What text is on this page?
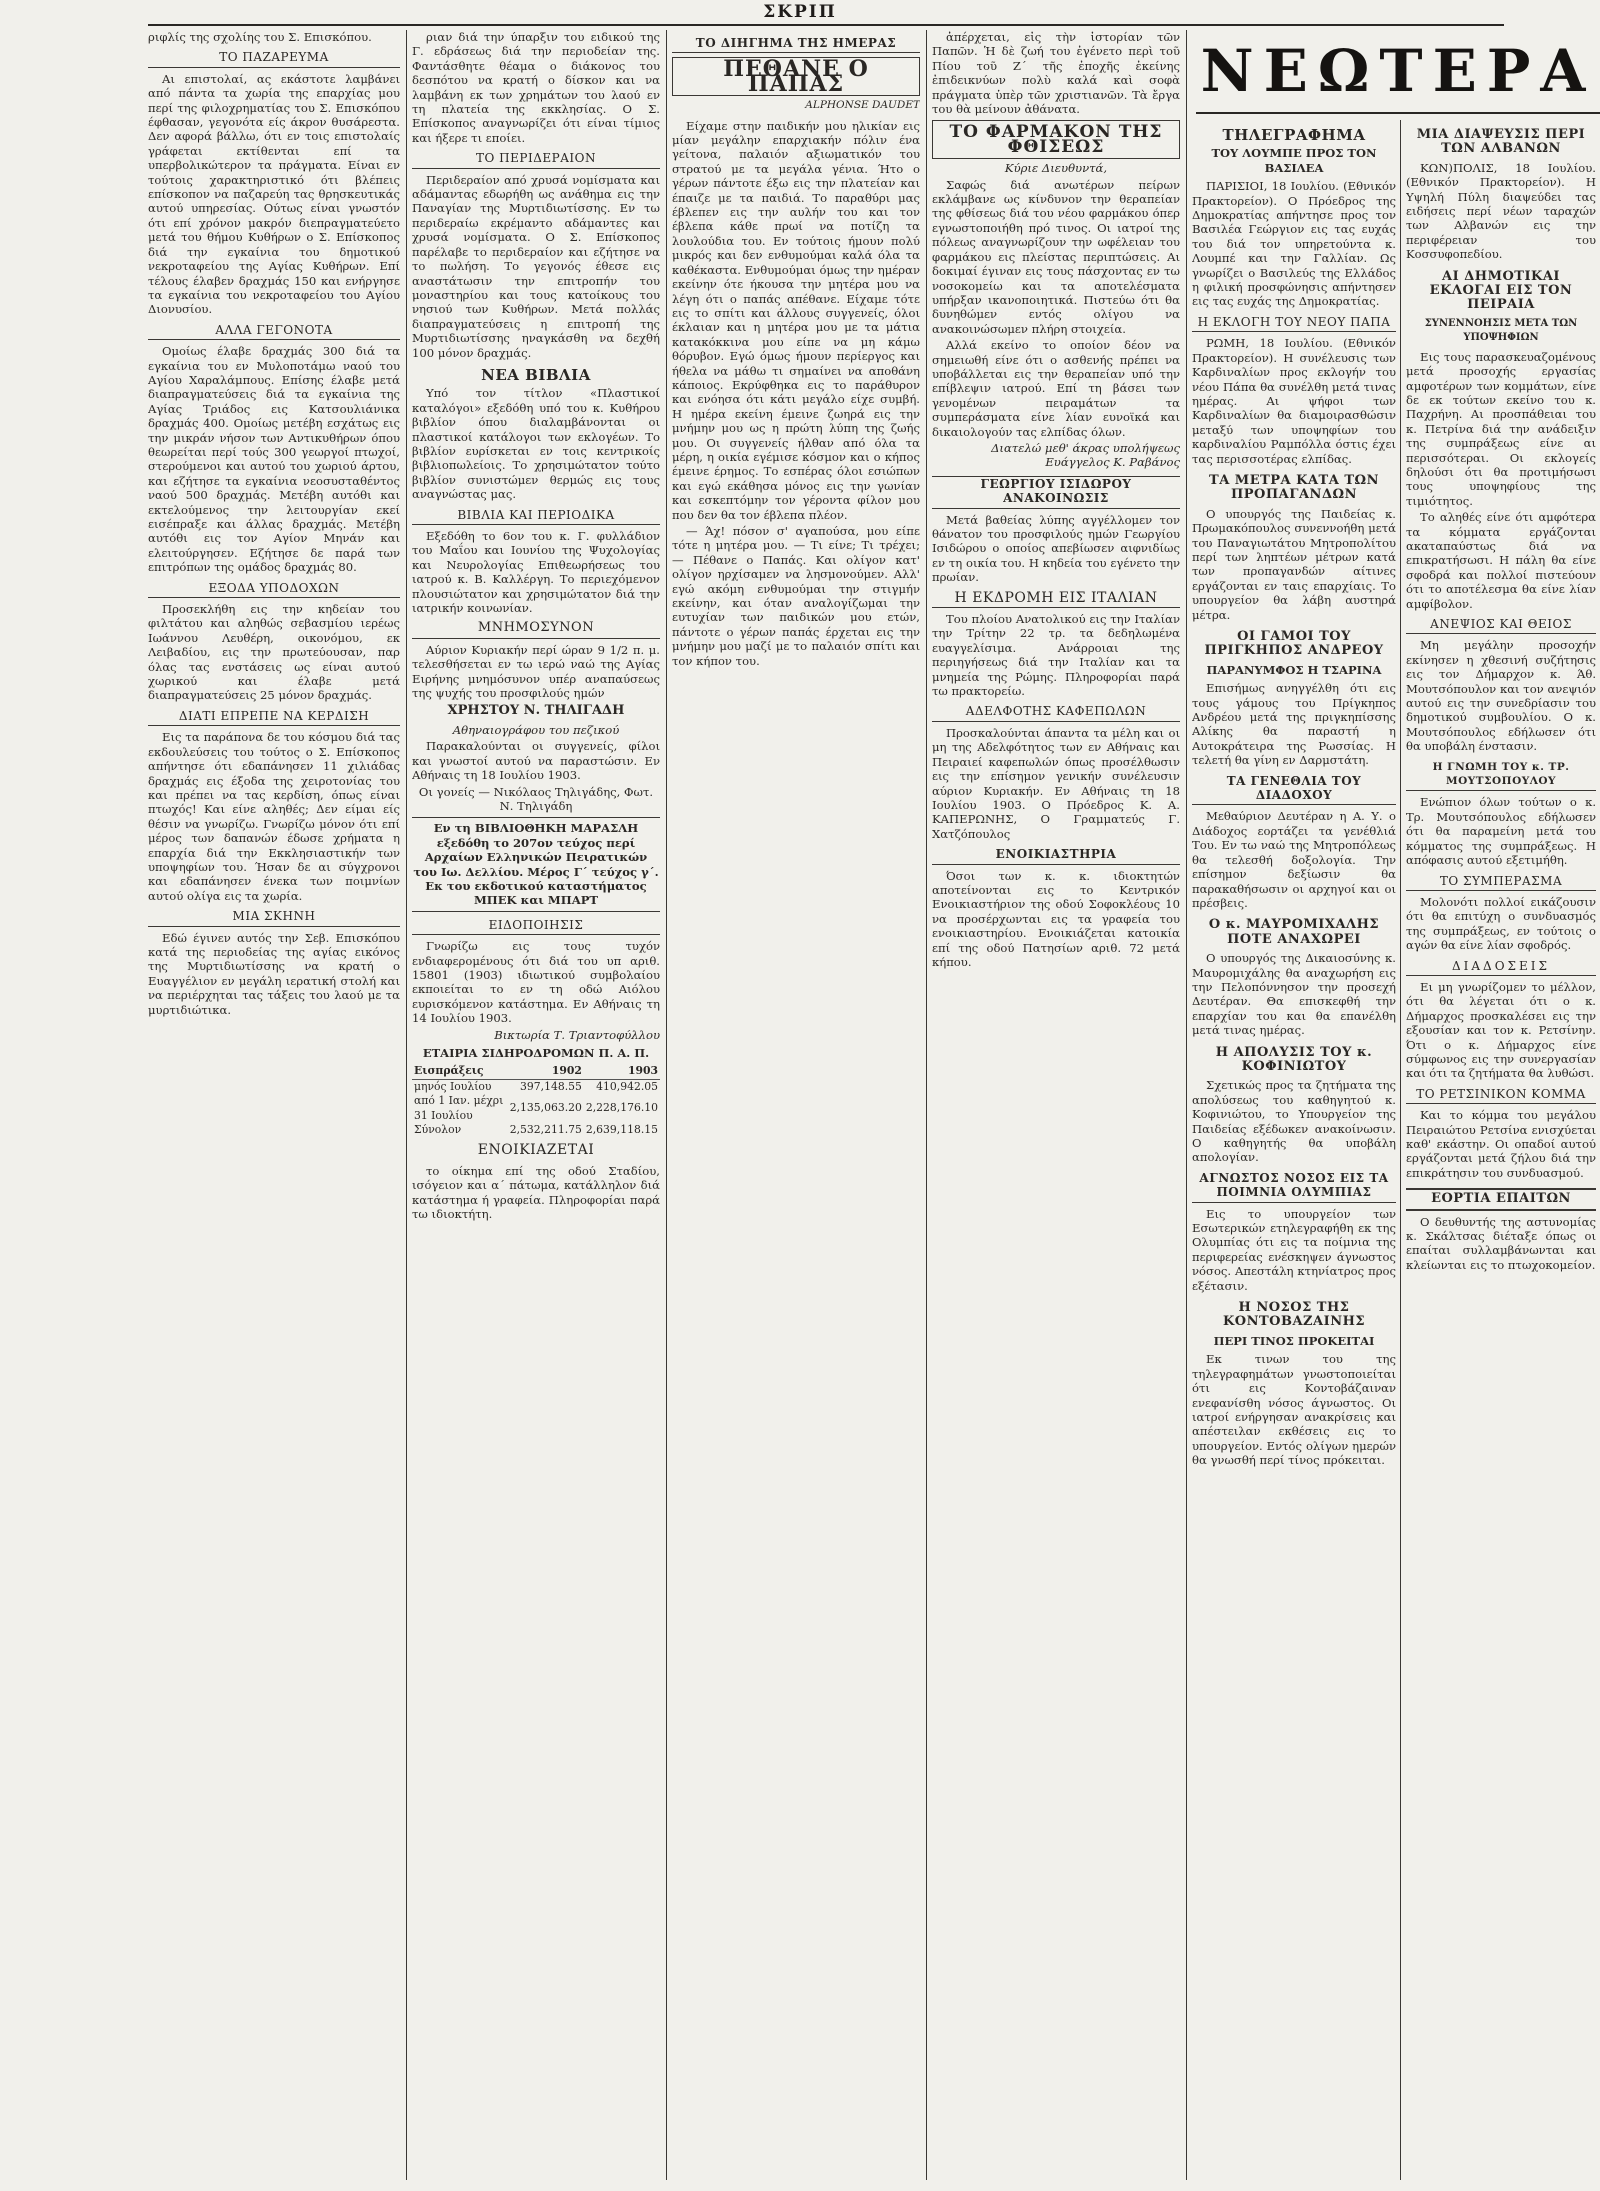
ΣΚΡΙΠ

ριφλίς της σχολίης του Σ. Επισκόπου.

ΤΟ ΠΑΖΑΡΕΥΜΑ

Αι επιστολαί, ας εκάστοτε λαμβάνει από πάντα τα χωρία της επαρχίας μου περί της φιλοχρηματίας του Σ. Επισκόπου έφθασαν, γεγονότα είς άκρον θυσάρεστα. Δεν αφορά βάλλω, ότι εν τοις επιστολαίς γράφεται εκτίθενται επί τα υπερβολικώτερον τα πράγματα. Είναι εν τούτοις χαρακτηριστικό ότι βλέπεις επίσκοπον να παζαρεύη τας θρησκευτικάς αυτού υπηρεσίας. Ούτως είναι γνωστόν ότι επί χρόνον μακρόν διεπραγματεύετο μετά του θήμου Κυθήρων ο Σ. Επίσκοπος διά την εγκαίνια του δημοτικού νεκροταφείου της Αγίας Κυθήρων. Επί τέλους έλαβεν δραχμάς 150 και ενήργησε τα εγκαίνια του νεκροταφείου του Αγίου Διονυσίου.

ΑΛΛΑ ΓΕΓΟΝΟΤΑ

Ομοίως έλαβε δραχμάς 300 διά τα εγκαίνια του εν Μυλοποτάμω ναού του Αγίου Χαραλάμπους. Επίσης έλαβε μετά διαπραγματεύσεις διά τα εγκαίνια της Αγίας Τριάδος εις Κατσουλιάνικα δραχμάς 400. Ομοίως μετέβη εσχάτως εις την μικράν νήσον των Αντικυθήρων όπου θεωρείται περί τούς 300 γεωργοί πτωχοί, στερούμενοι και αυτού του χωριού άρτου, και εζήτησε τα εγκαίνια νεοσυσταθέντος ναού 500 δραχμάς. Μετέβη αυτόθι και εκτελούμενος την λειτουργίαν εκεί εισέπραξε και άλλας δραχμάς. Μετέβη αυτόθι εις τον Αγίον Μηνάν και ελειτούργησεν. Εζήτησε δε παρά των επιτρόπων της ομάδος δραχμάς 80.

ΕΞΟΔΑ ΥΠΟΔΟΧΩΝ

Προσεκλήθη εις την κηδείαν του φιλτάτου και αληθώς σεβασμίου ιερέως Ιωάννου Λευθέρη, οικονόμου, εκ Λειβαδίου, εις την πρωτεύουσαν, παρ όλας τας ενστάσεις ως είναι αυτού χωρικού και έλαβε μετά διαπραγματεύσεις 25 μόνον δραχμάς.

ΔΙΑΤΙ ΕΠΡΕΠΕ ΝΑ ΚΕΡΔΙΣΗ

Εις τα παράπονα δε του κόσμου διά τας εκδουλεύσεις του τούτος ο Σ. Επίσκοπος απήντησε ότι εδαπάνησεν 11 χιλιάδας δραχμάς εις έξοδα της χειροτονίας του και πρέπει να τας κερδίση, όπως είναι πτωχός! Και είνε αληθές; Δεν είμαι είς θέσιν να γνωρίζω. Γνωρίζω μόνον ότι επί μέρος των δαπανών έδωσε χρήματα η επαρχία διά την Εκκλησιαστικήν των υποψηφίων του. Ήσαν δε αι σύγχρονοι και εδαπάνησεν ένεκα των ποιμνίων αυτού ολίγα εις τα χωρία.

ΜΙΑ ΣΚΗΝΗ

Εδώ έγινεν αυτός την Σεβ. Επισκόπου κατά της περιοδείας της αγίας εικόνος της Μυρτιδιωτίσσης να κρατή ο Ευαγγέλιον εν μεγάλη ιερατική στολή και να περιέρχηται τας τάξεις του λαού με τα μυρτιδιώτικα.

ριαν διά την ύπαρξιν του ειδικού της Γ. εδράσεως διά την περιοδείαν της. Φαντάσθητε θέαμα ο διάκονος του δεσπότου να κρατή ο δίσκον και να λαμβάνη εκ των χρημάτων του λαού εν τη πλατεία της εκκλησίας. Ο Σ. Επίσκοπος αναγνωρίζει ότι είναι τίμιος και ήξερε τι εποίει.

ΤΟ ΠΕΡΙΔΕΡΑΙΟΝ

Περιδεραίον από χρυσά νομίσματα και αδάμαντας εδωρήθη ως ανάθημα εις την Παναγίαν της Μυρτιδιωτίσσης. Εν τω περιδεραίω εκρέμαντο αδάμαντες και χρυσά νομίσματα. Ο Σ. Επίσκοπος παρέλαβε το περιδεραίον και εζήτησε να το πωλήση. Το γεγονός έθεσε εις αναστάτωσιν την επιτροπήν του μοναστηρίου και τους κατοίκους του νησιού των Κυθήρων. Μετά πολλάς διαπραγματεύσεις η επιτροπή της Μυρτιδιωτίσσης ηναγκάσθη να δεχθή 100 μόνον δραχμάς.

ΝΕΑ ΒΙΒΛΙΑ

Υπό τον τίτλον «Πλαστικοί καταλόγοι» εξεδόθη υπό του κ. Κυθήρου βιβλίον όπου διαλαμβάνονται οι πλαστικοί κατάλογοι των εκλογέων. Το βιβλίον ευρίσκεται εν τοις κεντρικοίς βιβλιοπωλείοις. Το χρησιμώτατον τούτο βιβλίον συνιστώμεν θερμώς εις τους αναγνώστας μας.

ΒΙΒΛΙΑ ΚΑΙ ΠΕΡΙΟΔΙΚΑ

Εξεδόθη το 6ον του κ. Γ. φυλλάδιον του Μαΐου και Ιουνίου της Ψυχολογίας και Νευρολογίας Επιθεωρήσεως του ιατρού κ. Β. Καλλέργη. Το περιεχόμενον πλουσιώτατον και χρησιμώτατον διά την ιατρικήν κοινωνίαν.

ΜΝΗΜΟΣΥΝΟΝ

Αύριον Κυριακήν περί ώραν 9 1/2 π. μ. τελεσθήσεται εν τω ιερώ ναώ της Αγίας Ειρήνης μνημόσυνον υπέρ αναπαύσεως της ψυχής του προσφιλούς ημών

ΧΡΗΣΤΟΥ Ν. ΤΗΛΙΓΑΔΗ

Αθηναιογράφου του πεζικού

Παρακαλούνται οι συγγενείς, φίλοι και γνωστοί αυτού να παραστώσιν. Εν Αθήναις τη 18 Ιουλίου 1903.

Οι γονείς — Νικόλαος Τηλιγάδης, Φωτ. Ν. Τηλιγάδη

Εν τη ΒΙΒΛΙΟΘΗΚΗ ΜΑΡΑΣΛΗ εξεδόθη το 207ον τεύχος περί Αρχαίων Ελληνικών Πειρατικών του Ιω. Δελλίου. Μέρος Γ΄ τεύχος γ΄. Εκ του εκδοτικού καταστήματος ΜΠΕΚ και ΜΠΑΡΤ

ΕΙΔΟΠΟΙΗΣΙΣ

Γνωρίζω εις τους τυχόν ενδιαφερομένους ότι διά του υπ αριθ. 15801 (1903) ιδιωτικού συμβολαίου εκποιείται το εν τη οδώ Αιόλου ευρισκόμενον κατάστημα. Εν Αθήναις τη 14 Ιουλίου 1903.

Βικτωρία Τ. Τριαντοφύλλου

ΕΤΑΙΡΙΑ ΣΙΔΗΡΟΔΡΟΜΩΝ Π. Α. Π.
Εισπράξεις	1902	1903
μηνός Ιουλίου	397,148.55	410,942.05
από 1 Ιαν. μέχρι 31 Ιουλίου	2,135,063.20	2,228,176.10
Σύνολον	2,532,211.75	2,639,118.15
ΕΝΟΙΚΙΑΖΕΤΑΙ

το οίκημα επί της οδού Σταδίου, ισόγειον και α΄ πάτωμα, κατάλληλον διά κατάστημα ή γραφεία. Πληροφορίαι παρά τω ιδιοκτήτη.

ΤΟ ΔΙΗΓΗΜΑ ΤΗΣ ΗΜΕΡΑΣ
ΠΕΘΑΝΕ Ο ΠΑΠΑΣ
ALPHONSE DAUDET

Είχαμε στην παιδικήν μου ηλικίαν εις μίαν μεγάλην επαρχιακήν πόλιν ένα γείτονα, παλαιόν αξιωματικόν του στρατού με τα μεγάλα γένια. Ήτο ο γέρων πάντοτε έξω εις την πλατείαν και έπαιζε με τα παιδιά. Το παραθύρι μας έβλεπεν εις την αυλήν του και τον έβλεπα κάθε πρωί να ποτίζη τα λουλούδια του. Εν τούτοις ήμουν πολύ μικρός και δεν ενθυμούμαι καλά όλα τα καθέκαστα. Ενθυμούμαι όμως την ημέραν εκείνην ότε ήκουσα την μητέρα μου να λέγη ότι ο παπάς απέθανε. Είχαμε τότε εις το σπίτι και άλλους συγγενείς, όλοι έκλαιαν και η μητέρα μου με τα μάτια κατακόκκινα μου είπε να μη κάμω θόρυβον. Εγώ όμως ήμουν περίεργος και ήθελα να μάθω τι σημαίνει να αποθάνη κάποιος. Εκρύφθηκα εις το παράθυρον και ενόησα ότι κάτι μεγάλο είχε συμβή. Η ημέρα εκείνη έμεινε ζωηρά εις την μνήμην μου ως η πρώτη λύπη της ζωής μου. Οι συγγενείς ήλθαν από όλα τα μέρη, η οικία εγέμισε κόσμον και ο κήπος έμεινε έρημος. Το εσπέρας όλοι εσιώπων και εγώ εκάθησα μόνος εις την γωνίαν και εσκεπτόμην τον γέροντα φίλον μου που δεν θα τον έβλεπα πλέον.

— Άχ! πόσον σ' αγαπούσα, μου είπε τότε η μητέρα μου. — Τι είνε; Τι τρέχει; — Πέθανε ο Παπάς. Και ολίγον κατ' ολίγον ηρχίσαμεν να λησμονούμεν. Αλλ' εγώ ακόμη ενθυμούμαι την στιγμήν εκείνην, και όταν αναλογίζωμαι την ευτυχίαν των παιδικών μου ετών, πάντοτε ο γέρων παπάς έρχεται εις την μνήμην μου μαζί με το παλαιόν σπίτι και τον κήπον του.

ἀπέρχεται, εἰς τὴν ἱστορίαν τῶν Παπῶν. Ἡ δὲ ζωή του ἐγένετο περὶ τοῦ Πίου τοῦ Ζ΄ τῆς ἐποχῆς ἐκείνης ἐπιδεικνύων πολὺ καλά καὶ σοφὰ πράγματα ὑπὲρ τῶν χριστιανῶν. Τὰ ἔργα του θὰ μείνουν ἀθάνατα.

ΤΟ ΦΑΡΜΑΚΟΝ ΤΗΣ ΦΘΙΣΕΩΣ

Κύριε Διευθυντά,

Σαφώς διά ανωτέρων πείρων εκλάμβανε ως κίνδυνον την θεραπείαν της φθίσεως διά του νέου φαρμάκου όπερ εγνωστοποιήθη πρό τινος. Οι ιατροί της πόλεως αναγνωρίζουν την ωφέλειαν του φαρμάκου εις πλείστας περιπτώσεις. Αι δοκιμαί έγιναν εις τους πάσχοντας εν τω νοσοκομείω και τα αποτελέσματα υπήρξαν ικανοποιητικά. Πιστεύω ότι θα δυνηθώμεν εντός ολίγου να ανακοινώσωμεν πλήρη στοιχεία.

Αλλά εκείνο το οποίον δέον να σημειωθή είνε ότι ο ασθενής πρέπει να υποβάλλεται εις την θεραπείαν υπό την επίβλεψιν ιατρού. Επί τη βάσει των γενομένων πειραμάτων τα συμπεράσματα είνε λίαν ευνοϊκά και δικαιολογούν τας ελπίδας όλων.

Διατελώ μεθ' άκρας υπολήψεως
Ευάγγελος Κ. Ραβάνος

ΓΕΩΡΓΙΟΥ ΙΣΙΔΩΡΟΥ ΑΝΑΚΟΙΝΩΣΙΣ

Μετά βαθείας λύπης αγγέλλομεν τον θάνατον του προσφιλούς ημών Γεωργίου Ισιδώρου ο οποίος απεβίωσεν αιφνιδίως εν τη οικία του. Η κηδεία του εγένετο την πρωίαν.

Η ΕΚΔΡΟΜΗ ΕΙΣ ΙΤΑΛΙΑΝ

Του πλοίου Ανατολικού εις την Ιταλίαν την Τρίτην 22 τρ. τα δεδηλωμένα ευαγγελίσιμα. Ανάρροιαι της περιηγήσεως διά την Ιταλίαν και τα μνημεία της Ρώμης. Πληροφορίαι παρά τω πρακτορείω.

ΑΔΕΛΦΟΤΗΣ ΚΑΦΕΠΩΛΩΝ

Προσκαλούνται άπαντα τα μέλη και οι μη της Αδελφότητος των εν Αθήναις και Πειραιεί καφεπωλών όπως προσέλθωσιν εις την επίσημον γενικήν συνέλευσιν αύριον Κυριακήν. Εν Αθήναις τη 18 Ιουλίου 1903. Ο Πρόεδρος Κ. Α. ΚΑΠΕΡΩΝΗΣ, Ο Γραμματεύς Γ. Χατζόπουλος

ΕΝΟΙΚΙΑΣΤΗΡΙΑ

Όσοι των κ. κ. ιδιοκτητών αποτείνονται εις το Κεντρικόν Ενοικιαστήριον της οδού Σοφοκλέους 10 να προσέρχωνται εις τα γραφεία του ενοικιαστηρίου. Ενοικιάζεται κατοικία επί της οδού Πατησίων αριθ. 72 μετά κήπου.

ΝΕΩΤΕΡΑ
ΤΗΛΕΓΡΑΦΗΜΑ
ΤΟΥ ΛΟΥΜΠΕ ΠΡΟΣ ΤΟΝ ΒΑΣΙΛΕΑ

ΠΑΡΙΣΙΟΙ, 18 Ιουλίου. (Εθνικόν Πρακτορείον). Ο Πρόεδρος της Δημοκρατίας απήντησε προς τον Βασιλέα Γεώργιον εις τας ευχάς του διά τον υπηρετούντα κ. Λουμπέ και την Γαλλίαν. Ως γνωρίζει ο Βασιλεύς της Ελλάδος η φιλική προσφώνησις απήντησεν εις τας ευχάς της Δημοκρατίας.

Η ΕΚΛΟΓΗ ΤΟΥ ΝΕΟΥ ΠΑΠΑ

ΡΩΜΗ, 18 Ιουλίου. (Εθνικόν Πρακτορείον). Η συνέλευσις των Καρδιναλίων προς εκλογήν του νέου Πάπα θα συνέλθη μετά τινας ημέρας. Αι ψήφοι των Καρδιναλίων θα διαμοιρασθώσιν μεταξύ των υποψηφίων του καρδιναλίου Ραμπόλλα όστις έχει τας περισσοτέρας ελπίδας.

ΤΑ ΜΕΤΡΑ ΚΑΤΑ ΤΩΝ ΠΡΟΠΑΓΑΝΔΩΝ

Ο υπουργός της Παιδείας κ. Πρωμακόπουλος συνεννοήθη μετά του Παναγιωτάτου Μητροπολίτου περί των ληπτέων μέτρων κατά των προπαγανδών αίτινες εργάζονται εν ταις επαρχίαις. Το υπουργείον θα λάβη αυστηρά μέτρα.

ΟΙ ΓΑΜΟΙ ΤΟΥ ΠΡΙΓΚΗΠΟΣ ΑΝΔΡΕΟΥ
ΠΑΡΑΝΥΜΦΟΣ Η ΤΣΑΡΙΝΑ

Επισήμως ανηγγέλθη ότι εις τους γάμους του Πρίγκηπος Ανδρέου μετά της πριγκηπίσσης Αλίκης θα παραστή η Αυτοκράτειρα της Ρωσσίας. Η τελετή θα γίνη εν Δαρμστάτη.

ΤΑ ΓΕΝΕΘΛΙΑ ΤΟΥ ΔΙΑΔΟΧΟΥ

Μεθαύριον Δευτέραν η Α. Υ. ο Διάδοχος εορτάζει τα γενέθλιά Του. Εν τω ναώ της Μητροπόλεως θα τελεσθή δοξολογία. Την επίσημον δεξίωσιν θα παρακαθήσωσιν οι αρχηγοί και οι πρέσβεις.

Ο κ. ΜΑΥΡΟΜΙΧΑΛΗΣ ΠΟΤΕ ΑΝΑΧΩΡΕΙ

Ο υπουργός της Δικαιοσύνης κ. Μαυρομιχάλης θα αναχωρήση εις την Πελοπόννησον την προσεχή Δευτέραν. Θα επισκεφθή την επαρχίαν του και θα επανέλθη μετά τινας ημέρας.

Η ΑΠΟΛΥΣΙΣ ΤΟΥ κ. ΚΟΦΙΝΙΩΤΟΥ

Σχετικώς προς τα ζητήματα της απολύσεως του καθηγητού κ. Κοφινιώτου, το Υπουργείον της Παιδείας εξέδωκεν ανακοίνωσιν. Ο καθηγητής θα υποβάλη απολογίαν.

ΑΓΝΩΣΤΟΣ ΝΟΣΟΣ ΕΙΣ ΤΑ ΠΟΙΜΝΙΑ ΟΛΥΜΠΙΑΣ

Εις το υπουργείον των Εσωτερικών ετηλεγραφήθη εκ της Ολυμπίας ότι εις τα ποίμνια της περιφερείας ενέσκηψεν άγνωστος νόσος. Απεστάλη κτηνίατρος προς εξέτασιν.

Η ΝΟΣΟΣ ΤΗΣ ΚΟΝΤΟΒΑΖΑΙΝΗΣ
ΠΕΡΙ ΤΙΝΟΣ ΠΡΟΚΕΙΤΑΙ

Εκ τινων του της τηλεγραφημάτων γνωστοποιείται ότι εις Κοντοβάζαιναν ενεφανίσθη νόσος άγνωστος. Οι ιατροί ενήργησαν ανακρίσεις και απέστειλαν εκθέσεις εις το υπουργείον. Εντός ολίγων ημερών θα γνωσθή περί τίνος πρόκειται.

ΜΙΑ ΔΙΑΨΕΥΣΙΣ ΠΕΡΙ ΤΩΝ ΑΛΒΑΝΩΝ

ΚΩΝ)ΠΟΛΙΣ, 18 Ιουλίου. (Εθνικόν Πρακτορείον). Η Υψηλή Πύλη διαψεύδει τας ειδήσεις περί νέων ταραχών των Αλβανών εις την περιφέρειαν του Κοσσυφοπεδίου.

ΑΙ ΔΗΜΟΤΙΚΑΙ ΕΚΛΟΓΑΙ ΕΙΣ ΤΟΝ ΠΕΙΡΑΙΑ
ΣΥΝΕΝΝΟΗΣΙΣ ΜΕΤΑ ΤΩΝ ΥΠΟΨΗΦΙΩΝ

Εις τους παρασκευαζομένους μετά προσοχής εργασίας αμφοτέρων των κομμάτων, είνε δε εκ τούτων εκείνο του κ. Παχρήνη. Αι προσπάθειαι του κ. Πετρίνα διά την ανάδειξιν της συμπράξεως είνε αι περισσότεραι. Οι εκλογείς δηλούσι ότι θα προτιμήσωσι τους υποψηφίους της τιμιότητος.

Το αληθές είνε ότι αμφότερα τα κόμματα εργάζονται ακαταπαύστως διά να επικρατήσωσι. Η πάλη θα είνε σφοδρά και πολλοί πιστεύουν ότι το αποτέλεσμα θα είνε λίαν αμφίβολον.

ΑΝΕΨΙΟΣ ΚΑΙ ΘΕΙΟΣ

Μη μεγάλην προσοχήν εκίνησεν η χθεσινή συζήτησις εις τον Δήμαρχον κ. Άθ. Μουτσόπουλον και τον ανεψιόν αυτού εις την συνεδρίασιν του δημοτικού συμβουλίου. Ο κ. Μουτσόπουλος εδήλωσεν ότι θα υποβάλη ένστασιν.

Η ΓΝΩΜΗ ΤΟΥ κ. ΤΡ. ΜΟΥΤΣΟΠΟΥΛΟΥ

Ενώπιον όλων τούτων ο κ. Τρ. Μουτσόπουλος εδήλωσεν ότι θα παραμείνη μετά του κόμματος της συμπράξεως. Η απόφασις αυτού εξετιμήθη.

ΤΟ ΣΥΜΠΕΡΑΣΜΑ

Μολονότι πολλοί εικάζουσιν ότι θα επιτύχη ο συνδυασμός της συμπράξεως, εν τούτοις ο αγών θα είνε λίαν σφοδρός.

ΔΙΑΔΟΣΕΙΣ

Ει μη γνωρίζομεν το μέλλον, ότι θα λέγεται ότι ο κ. Δήμαρχος προσκαλέσει εις την εξουσίαν και τον κ. Ρετσίνην. Ότι ο κ. Δήμαρχος είνε σύμφωνος εις την συνεργασίαν και ότι τα ζητήματα θα λυθώσι.

ΤΟ ΡΕΤΣΙΝΙΚΟΝ ΚΟΜΜΑ

Και το κόμμα του μεγάλου Πειραιώτου Ρετσίνα ενισχύεται καθ' εκάστην. Οι οπαδοί αυτού εργάζονται μετά ζήλου διά την επικράτησιν του συνδυασμού.

ΕΟΡΤΙΑ ΕΠΑΙΤΩΝ

Ο δευθυντής της αστυνομίας κ. Σκάλτσας διέταξε όπως οι επαίται συλλαμβάνωνται και κλείωνται εις το πτωχοκομείον.
